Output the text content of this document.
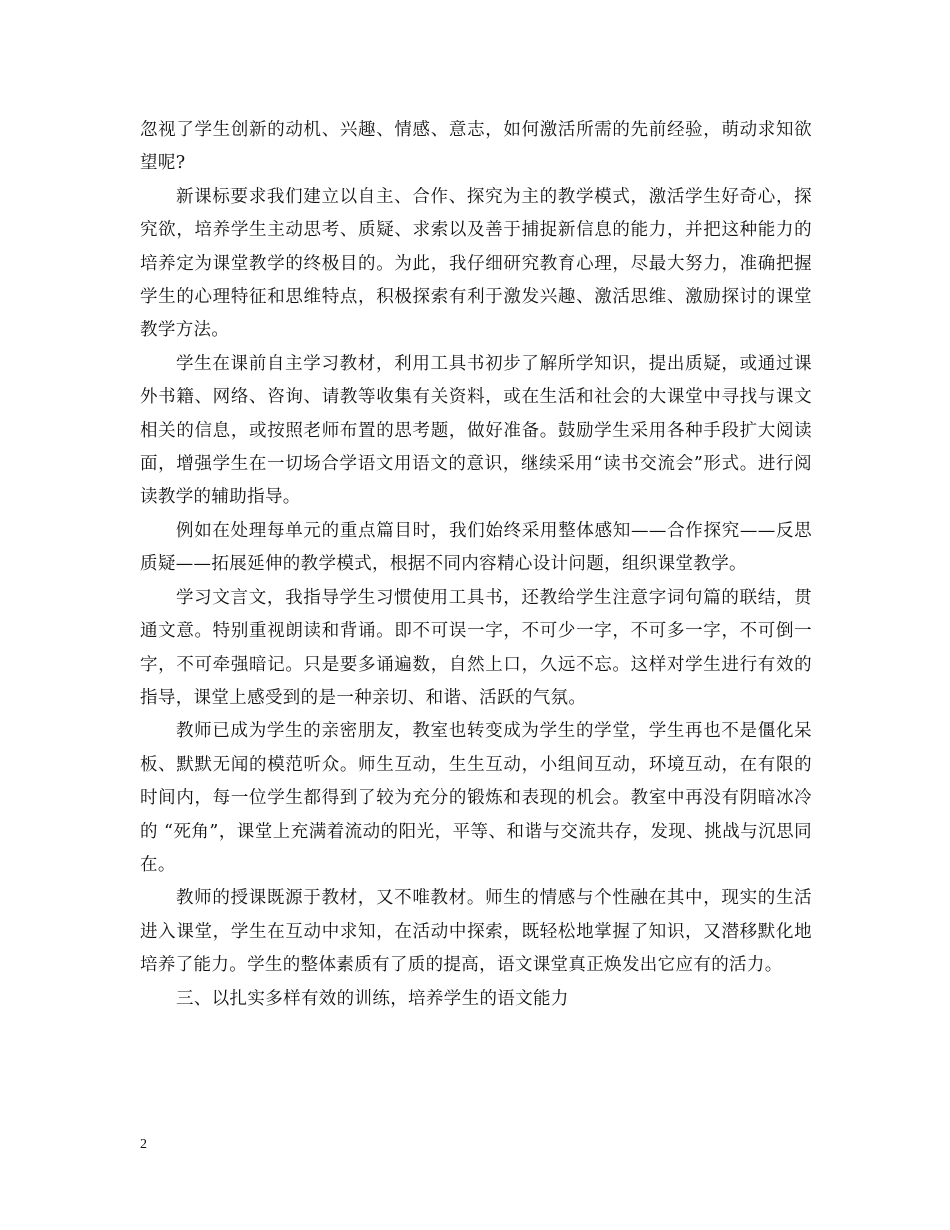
忽视了学生创新的动机、兴趣、情感、意志，如何激活所需的先前经验，萌动求知欲望呢?

新课标要求我们建立以自主、合作、探究为主的教学模式，激活学生好奇心，探究欲，培养学生主动思考、质疑、求索以及善于捕捉新信息的能力，并把这种能力的培养定为课堂教学的终极目的。为此，我仔细研究教育心理，尽最大努力，准确把握学生的心理特征和思维特点，积极探索有利于激发兴趣、激活思维、激励探讨的课堂教学方法。

学生在课前自主学习教材，利用工具书初步了解所学知识，提出质疑，或通过课外书籍、网络、咨询、请教等收集有关资料，或在生活和社会的大课堂中寻找与课文相关的信息，或按照老师布置的思考题，做好准备。鼓励学生采用各种手段扩大阅读面，增强学生在一切场合学语文用语文的意识，继续采用“读书交流会”形式。进行阅读教学的辅助指导。

例如在处理每单元的重点篇目时，我们始终采用整体感知——合作探究——反思质疑——拓展延伸的教学模式，根据不同内容精心设计问题，组织课堂教学。

学习文言文，我指导学生习惯使用工具书，还教给学生注意字词句篇的联结，贯通文意。特别重视朗读和背诵。即不可误一字，不可少一字，不可多一字，不可倒一字，不可牵强暗记。只是要多诵遍数，自然上口，久远不忘。这样对学生进行有效的指导，课堂上感受到的是一种亲切、和谐、活跃的气氛。

教师已成为学生的亲密朋友，教室也转变成为学生的学堂，学生再也不是僵化呆板、默默无闻的模范听众。师生互动，生生互动，小组间互动，环境互动，在有限的时间内，每一位学生都得到了较为充分的锻炼和表现的机会。教室中再没有阴暗冰冷的 “死角”，课堂上充满着流动的阳光，平等、和谐与交流共存，发现、挑战与沉思同在。

教师的授课既源于教材，又不唯教材。师生的情感与个性融在其中，现实的生活进入课堂，学生在互动中求知，在活动中探索，既轻松地掌握了知识，又潜移默化地培养了能力。学生的整体素质有了质的提高，语文课堂真正焕发出它应有的活力。

三、以扎实多样有效的训练，培养学生的语文能力

2
